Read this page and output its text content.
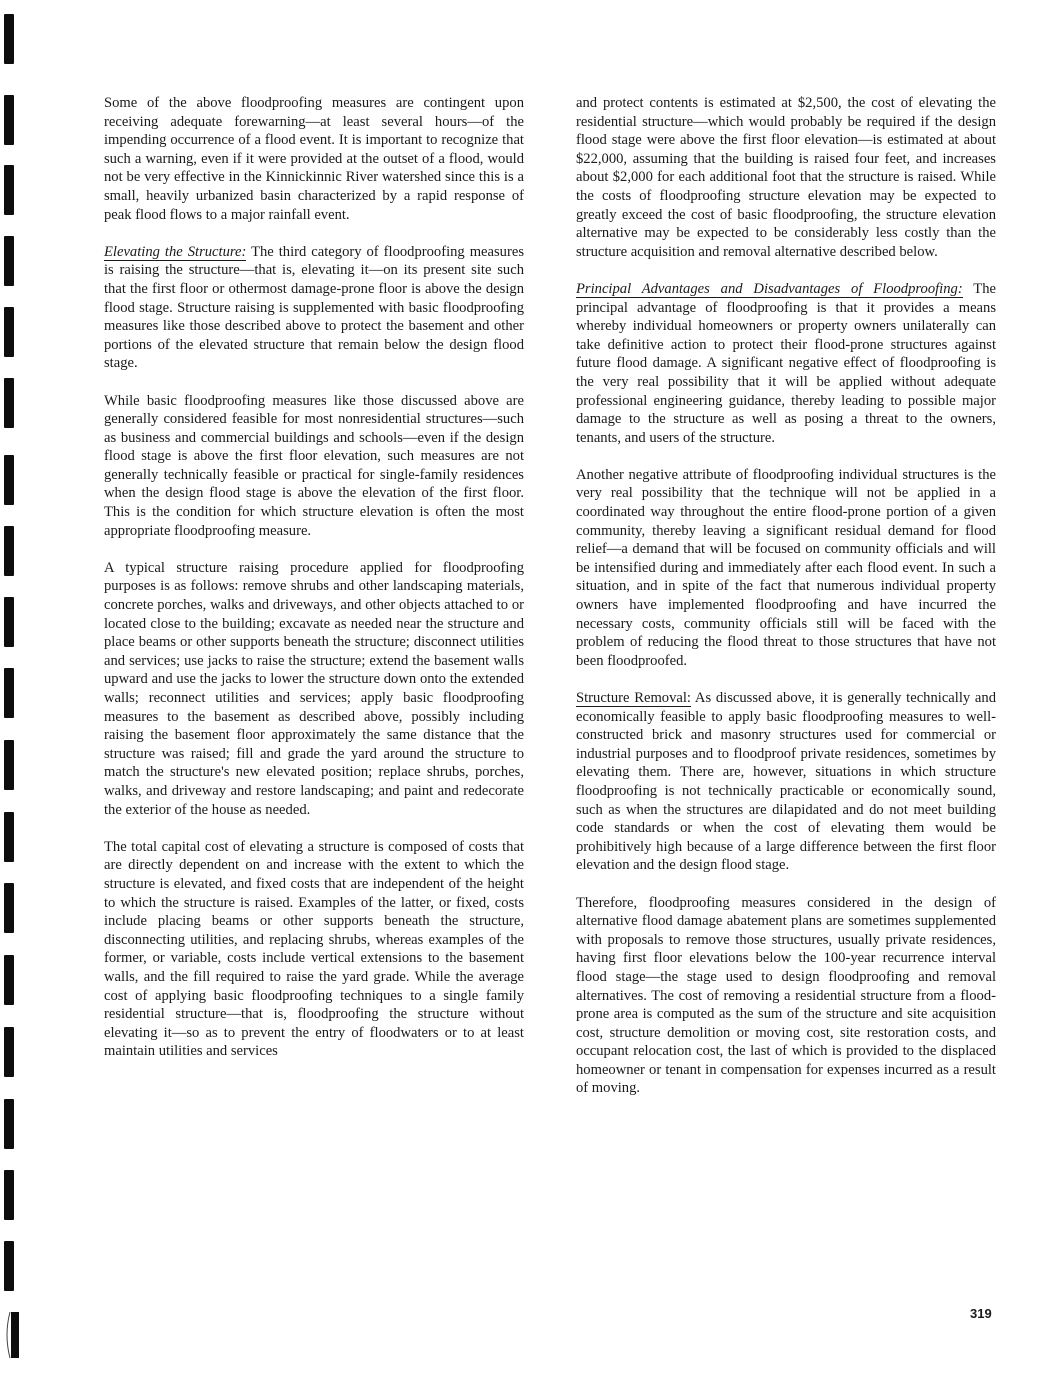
Some of the above floodproofing measures are contingent upon receiving adequate forewarning—at least several hours—of the impending occurrence of a flood event. It is important to recognize that such a warning, even if it were provided at the outset of a flood, would not be very effective in the Kinnickinnic River watershed since this is a small, heavily urbanized basin characterized by a rapid response of peak flood flows to a major rainfall event.

Elevating the Structure: The third category of floodproofing measures is raising the structure—that is, elevating it—on its present site such that the first floor or othermost damage-prone floor is above the design flood stage. Structure raising is supplemented with basic floodproofing measures like those described above to protect the basement and other portions of the elevated structure that remain below the design flood stage.

While basic floodproofing measures like those discussed above are generally considered feasible for most nonresidential structures—such as business and commercial buildings and schools—even if the design flood stage is above the first floor elevation, such measures are not generally technically feasible or practical for single-family residences when the design flood stage is above the elevation of the first floor. This is the condition for which structure elevation is often the most appropriate floodproofing measure.

A typical structure raising procedure applied for floodproofing purposes is as follows: remove shrubs and other landscaping materials, concrete porches, walks and driveways, and other objects attached to or located close to the building; excavate as needed near the structure and place beams or other supports beneath the structure; disconnect utilities and services; use jacks to raise the structure; extend the basement walls upward and use the jacks to lower the structure down onto the extended walls; reconnect utilities and services; apply basic floodproofing measures to the basement as described above, possibly including raising the basement floor approximately the same distance that the structure was raised; fill and grade the yard around the structure to match the structure's new elevated position; replace shrubs, porches, walks, and driveway and restore landscaping; and paint and redecorate the exterior of the house as needed.

The total capital cost of elevating a structure is composed of costs that are directly dependent on and increase with the extent to which the structure is elevated, and fixed costs that are independent of the height to which the structure is raised. Examples of the latter, or fixed, costs include placing beams or other supports beneath the structure, disconnecting utilities, and replacing shrubs, whereas examples of the former, or variable, costs include vertical extensions to the basement walls, and the fill required to raise the yard grade. While the average cost of applying basic floodproofing techniques to a single family residential structure—that is, floodproofing the structure without elevating it—so as to prevent the entry of floodwaters or to at least maintain utilities and services

and protect contents is estimated at $2,500, the cost of elevating the residential structure—which would probably be required if the design flood stage were above the first floor elevation—is estimated at about $22,000, assuming that the building is raised four feet, and increases about $2,000 for each additional foot that the structure is raised. While the costs of floodproofing structure elevation may be expected to greatly exceed the cost of basic floodproofing, the structure elevation alternative may be expected to be considerably less costly than the structure acquisition and removal alternative described below.

Principal Advantages and Disadvantages of Floodproofing: The principal advantage of floodproofing is that it provides a means whereby individual homeowners or property owners unilaterally can take definitive action to protect their flood-prone structures against future flood damage. A significant negative effect of floodproofing is the very real possibility that it will be applied without adequate professional engineering guidance, thereby leading to possible major damage to the structure as well as posing a threat to the owners, tenants, and users of the structure.

Another negative attribute of floodproofing individual structures is the very real possibility that the technique will not be applied in a coordinated way throughout the entire flood-prone portion of a given community, thereby leaving a significant residual demand for flood relief—a demand that will be focused on community officials and will be intensified during and immediately after each flood event. In such a situation, and in spite of the fact that numerous individual property owners have implemented floodproofing and have incurred the necessary costs, community officials still will be faced with the problem of reducing the flood threat to those structures that have not been floodproofed.

Structure Removal: As discussed above, it is generally technically and economically feasible to apply basic floodproofing measures to well-constructed brick and masonry structures used for commercial or industrial purposes and to floodproof private residences, sometimes by elevating them. There are, however, situations in which structure floodproofing is not technically practicable or economically sound, such as when the structures are dilapidated and do not meet building code standards or when the cost of elevating them would be prohibitively high because of a large difference between the first floor elevation and the design flood stage.

Therefore, floodproofing measures considered in the design of alternative flood damage abatement plans are sometimes supplemented with proposals to remove those structures, usually private residences, having first floor elevations below the 100-year recurrence interval flood stage—the stage used to design floodproofing and removal alternatives. The cost of removing a residential structure from a flood-prone area is computed as the sum of the structure and site acquisition cost, structure demolition or moving cost, site restoration costs, and occupant relocation cost, the last of which is provided to the displaced homeowner or tenant in compensation for expenses incurred as a result of moving.

319
